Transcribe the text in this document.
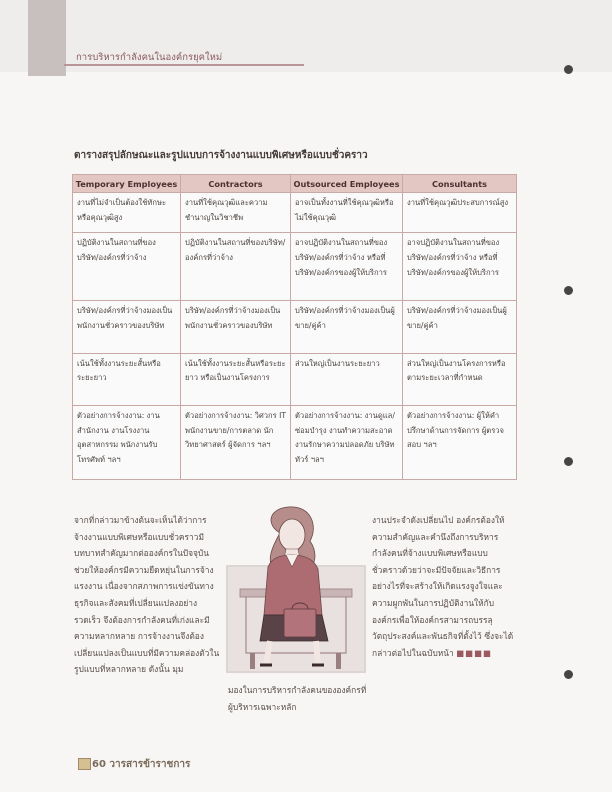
การบริหารกำลังคนในองค์กรยุคใหม่
ตารางสรุปลักษณะและรูปแบบการจ้างงานแบบพิเศษหรือแบบชั่วคราว
Temporary Employees	Contractors	Outsourced Employees	Consultants
งานที่ไม่จำเป็นต้องใช้ทักษะหรือคุณวุฒิสูง	งานที่ใช้คุณวุฒิและความชำนาญในวิชาชีพ	อาจเป็นทั้งงานที่ใช้คุณวุฒิหรือไม่ใช้คุณวุฒิ	งานที่ใช้คุณวุฒิประสบการณ์สูง
ปฏิบัติงานในสถานที่ของบริษัท/องค์กรที่ว่าจ้าง	ปฏิบัติงานในสถานที่ของบริษัท/องค์กรที่ว่าจ้าง	อาจปฏิบัติงานในสถานที่ของบริษัท/องค์กรที่ว่าจ้าง หรือที่บริษัท/องค์กรของผู้ให้บริการ	อาจปฏิบัติงานในสถานที่ของบริษัท/องค์กรที่ว่าจ้าง หรือที่บริษัท/องค์กรของผู้ให้บริการ
บริษัท/องค์กรที่ว่าจ้างมองเป็นพนักงานชั่วคราวของบริษัท	บริษัท/องค์กรที่ว่าจ้างมองเป็นพนักงานชั่วคราวของบริษัท	บริษัท/องค์กรที่ว่าจ้างมองเป็นผู้ขาย/คู่ค้า	บริษัท/องค์กรที่ว่าจ้างมองเป็นผู้ขาย/คู่ค้า
เน้นใช้ทั้งงานระยะสั้นหรือระยะยาว	เน้นใช้ทั้งงานระยะสั้นหรือระยะยาว หรือเป็นงานโครงการ	ส่วนใหญ่เป็นงานระยะยาว	ส่วนใหญ่เป็นงานโครงการหรือตามระยะเวลาที่กำหนด
ตัวอย่างการจ้างงาน: งานสำนักงาน งานโรงงานอุตสาหกรรม พนักงานรับโทรศัพท์ ฯลฯ	ตัวอย่างการจ้างงาน: วิศวกร IT พนักงานขาย/การตลาด นักวิทยาศาสตร์ ผู้จัดการ ฯลฯ	ตัวอย่างการจ้างงาน: งานดูแล/ซ่อมบำรุง งานทำความสะอาด งานรักษาความปลอดภัย บริษัททัวร์ ฯลฯ	ตัวอย่างการจ้างงาน: ผู้ให้คำปรึกษาด้านการจัดการ ผู้ตรวจสอบ ฯลฯ
จากที่กล่าวมาข้างต้นจะเห็นได้ว่าการจ้างงานแบบพิเศษหรือแบบชั่วคราวมีบทบาทสำคัญมากต่อองค์กรในปัจจุบัน ช่วยให้องค์กรมีความยืดหยุ่นในการจ้างแรงงาน เนื่องจากสภาพการแข่งขันทางธุรกิจและสังคมที่เปลี่ยนแปลงอย่างรวดเร็ว จึงต้องการกำลังคนที่เก่งและมีความหลากหลาย การจ้างงานจึงต้องเปลี่ยนแปลงเป็นแบบที่มีความคล่องตัวในรูปแบบที่หลากหลาย ดังนั้น มุม
มองในการบริหารกำลังคนขององค์กรที่ผู้บริหารเฉพาะหลัก
งานประจำดังเปลี่ยนไป องค์กรต้องให้ความสำคัญและคำนึงถึงการบริหารกำลังคนที่จ้างแบบพิเศษหรือแบบชั่วคราวด้วยว่าจะมีปัจจัยและวิธีการอย่างไรที่จะสร้างให้เกิดแรงจูงใจและความผูกพันในการปฏิบัติงานให้กับองค์กรเพื่อให้องค์กรสามารถบรรลุวัตถุประสงค์และพันธกิจที่ตั้งไว้ ซึ่งจะได้กล่าวต่อไปในฉบับหน้า ■■■■
60 วารสารข้าราชการ
